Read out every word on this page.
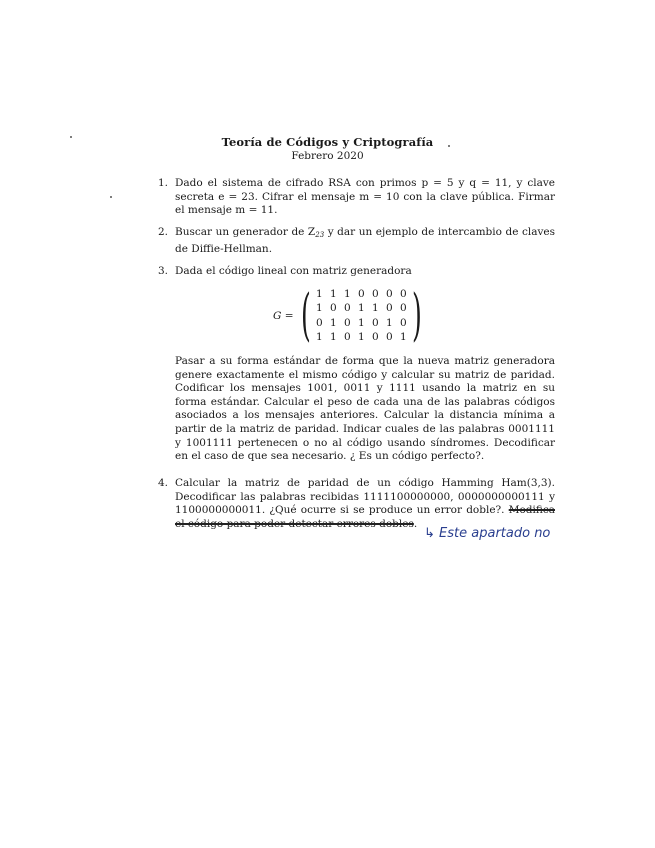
Teoría de Códigos y Criptografía
Febrero 2020
1. Dado el sistema de cifrado RSA con primos p = 5 y q = 11, y clave secreta e = 23. Cifrar el mensaje m = 10 con la clave pública. Firmar el mensaje m = 11.

2. Buscar un generador de $Z_{23}$ y dar un ejemplo de intercambio de claves de Diffie-Hellman.

3. Dada el código lineal con matriz generadora

G = ( 1 1 1 0 0 0 0
1 0 0 1 1 0 0
0 1 0 1 0 1 0
1 1 0 1 0 0 1 )

Pasar a su forma estándar de forma que la nueva matriz generadora genere exactamente el mismo código y calcular su matriz de paridad. Codificar los mensajes 1001, 0011 y 1111 usando la matriz en su forma estándar. Calcular el peso de cada una de las palabras códigos asociados a los mensajes anteriores. Calcular la distancia mínima a partir de la matriz de paridad. Indicar cuales de las palabras 0001111 y 1001111 pertenecen o no al código usando síndromes. Decodificar en el caso de que sea necesario. ¿ Es un código perfecto?.

4. Calcular la matriz de paridad de un código Hamming Ham(3,3). Decodificar las palabras recibidas 1111100000000, 0000000000111 y 1100000000011. ¿Qué ocurre si se produce un error doble?. Modifica el código para poder detectar errores dobles.

↳ Este apartado no
